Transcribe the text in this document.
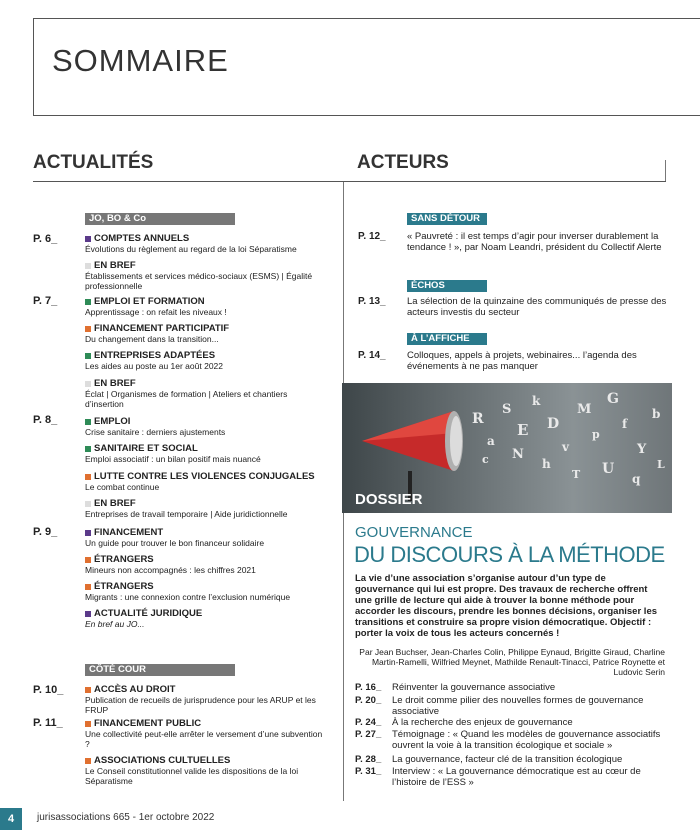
SOMMAIRE
ACTUALITÉS	ACTEURS
JO, BO & Co
P. 6_
P. 7_
P. 8_
P. 9_
P. 10_
P. 11_
COMPTES ANNUELS
Évolutions du règlement au regard de la loi Séparatisme
EN BREF
Établissements et services médico-sociaux (ESMS) | Égalité professionnelle
EMPLOI ET FORMATION
Apprentissage : on refait les niveaux !
FINANCEMENT PARTICIPATIF
Du changement dans la transition...
ENTREPRISES ADAPTÉES
Les aides au poste au 1er août 2022
EN BREF
Éclat | Organismes de formation | Ateliers et chantiers d’insertion
EMPLOI
Crise sanitaire : derniers ajustements
SANITAIRE ET SOCIAL
Emploi associatif : un bilan positif mais nuancé
LUTTE CONTRE LES VIOLENCES CONJUGALES
Le combat continue
EN BREF
Entreprises de travail temporaire | Aide juridictionnelle
FINANCEMENT
Un guide pour trouver le bon financeur solidaire
ÉTRANGERS
Mineurs non accompagnés : les chiffres 2021
ÉTRANGERS
Migrants : une connexion contre l’exclusion numérique
ACTUALITÉ JURIDIQUE
En bref au JO...
CÔTÉ COUR
ACCÈS AU DROIT
Publication de recueils de jurisprudence pour les ARUP et les FRUP
FINANCEMENT PUBLIC
Une collectivité peut-elle arrêter le versement d’une subvention ?
ASSOCIATIONS CULTUELLES
Le Conseil constitutionnel valide les dispositions de la loi Séparatisme
SANS DÉTOUR
P. 12_ « Pauvreté : il est temps d’agir pour inverser durablement la tendance ! », par Noam Leandri, président du Collectif Alerte
ÉCHOS
P. 13_ La sélection de la quinzaine des communiqués de presse des acteurs investis du secteur
À L’AFFICHE
P. 14_ Colloques, appels à projets, webinaires... l’agenda des événements à ne pas manquer
R
a
S
E
k
D
v
M
p
G
f
Y
b
c N
h
T U
q
L
DOSSIER
GOUVERNANCE
DU DISCOURS À LA MÉTHODE
La vie d’une association s’organise autour d’un type de gouvernance qui lui est propre. Des travaux de recherche offrent une grille de lecture qui aide à trouver la bonne méthode pour accorder les discours, prendre les bonnes décisions, organiser les transitions et construire sa propre vision démocratique. Objectif : porter la voix de tous les acteurs concernés !
Par Jean Buchser, Jean-Charles Colin, Philippe Eynaud, Brigitte Giraud, Charline Martin-Ramelli, Wilfried Meynet, Mathilde Renault-Tinacci, Patrice Roynette et Ludovic Serin
P. 16_ Réinventer la gouvernance associative
P. 20_ Le droit comme pilier des nouvelles formes de gouvernance associative
P. 24_ À la recherche des enjeux de gouvernance
P. 27_ Témoignage : « Quand les modèles de gouvernance associatifs ouvrent la voie à la transition écologique et sociale »
P. 28_ La gouvernance, facteur clé de la transition écologique
P. 31_ Interview : « La gouvernance démocratique est au cœur de l’histoire de l’ESS »
4	jurisassociations 665 - 1er octobre 2022
